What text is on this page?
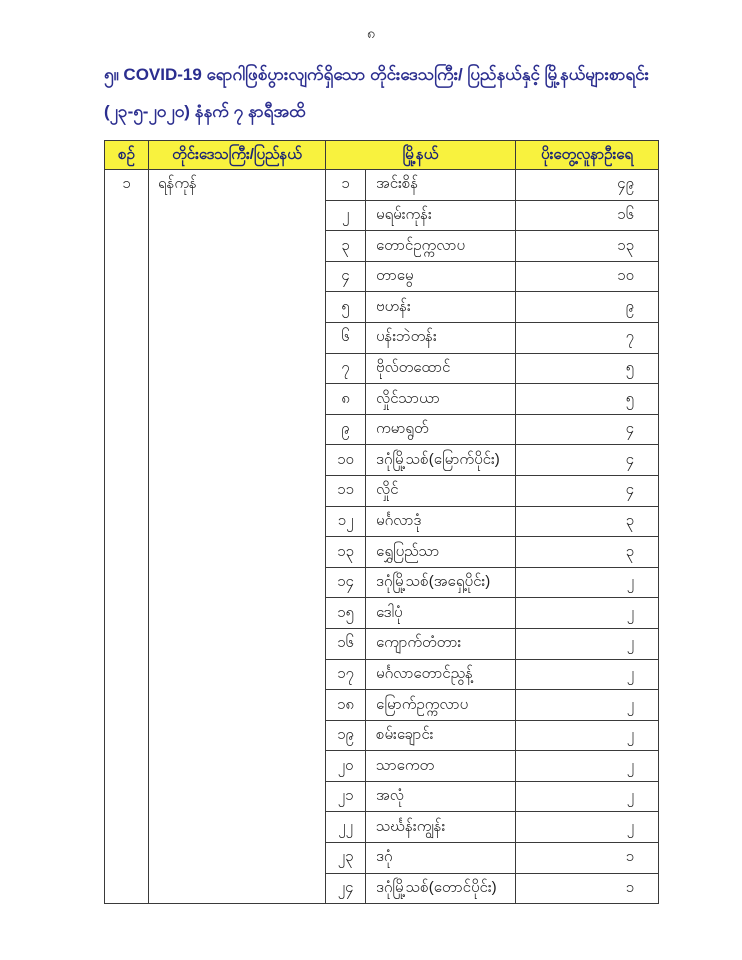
၈
၅။ COVID-19 ရောဂါဖြစ်ပွားလျက်ရှိသော တိုင်းဒေသကြီး/ ပြည်နယ်နှင့် မြို့နယ်များစာရင်း
(၂၃-၅-၂၀၂၀) နံနက် ၇ နာရီအထိ
စဉ်	တိုင်းဒေသကြီး/ပြည်နယ်	မြို့နယ်		ပိုးတွေ့လူနာဦးရေ
၁	ရန်ကုန်	၁	အင်းစိန်	၄၉
		၂	မရမ်းကုန်း	၁၆
		၃	တောင်ဥက္ကလာပ	၁၃
		၄	တာမွေ	၁၀
		၅	ဗဟန်း	၉
		၆	ပန်းဘဲတန်း	၇
		၇	ဗိုလ်တထောင်	၅
		၈	လှိုင်သာယာ	၅
		၉	ကမာရွတ်	၄
		၁၀	ဒဂုံမြို့သစ်(မြောက်ပိုင်း)	၄
		၁၁	လှိုင်	၄
		၁၂	မင်္ဂလာဒုံ	၃
		၁၃	ရွှေပြည်သာ	၃
		၁၄	ဒဂုံမြို့သစ်(အရှေ့ပိုင်း)	၂
		၁၅	ဒေါပုံ	၂
		၁၆	ကျောက်တံတား	၂
		၁၇	မင်္ဂလာတောင်ညွန့်	၂
		၁၈	မြောက်ဥက္ကလာပ	၂
		၁၉	စမ်းချောင်း	၂
		၂၀	သာကေတ	၂
		၂၁	အလုံ	၂
		၂၂	သင်္ဃန်းကျွန်း	၂
		၂၃	ဒဂုံ	၁
		၂၄	ဒဂုံမြို့သစ်(တောင်ပိုင်း)	၁
